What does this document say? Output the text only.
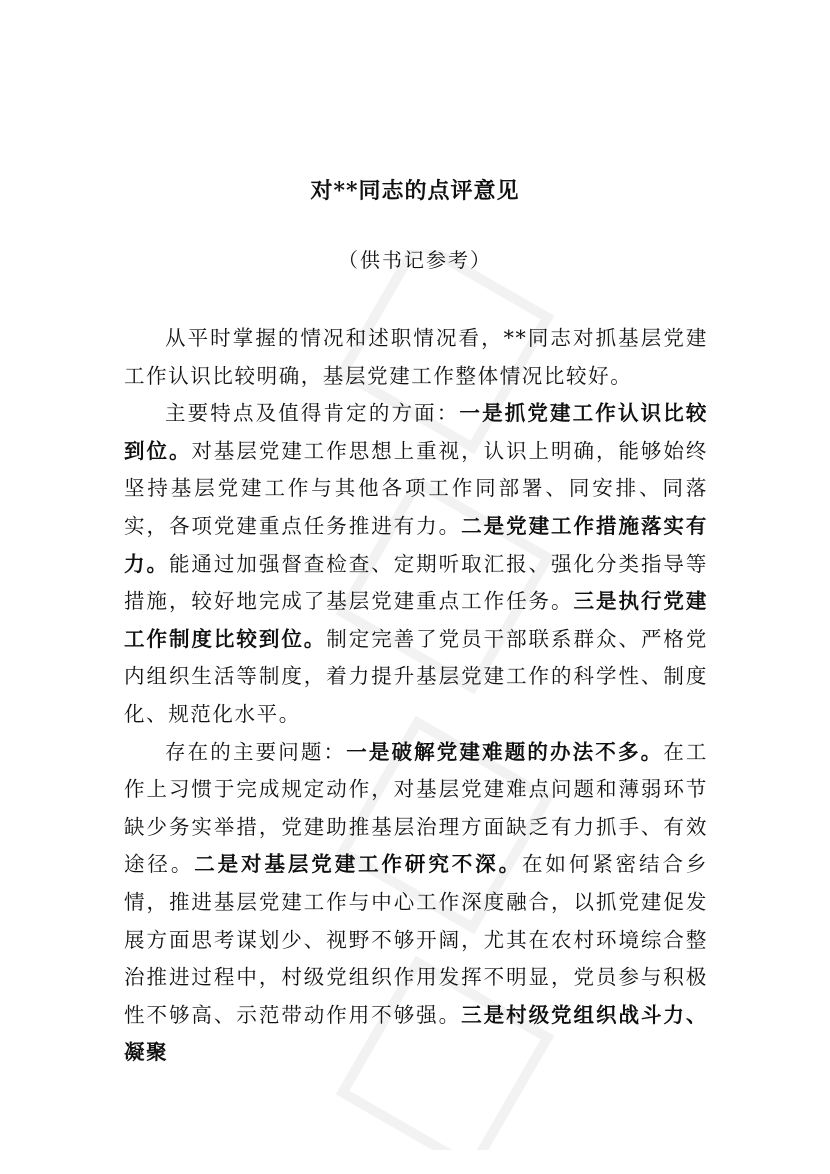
对**同志的点评意见
（供书记参考）

从平时掌握的情况和述职情况看，**同志对抓基层党建工作认识比较明确，基层党建工作整体情况比较好。

主要特点及值得肯定的方面：一是抓党建工作认识比较到位。对基层党建工作思想上重视，认识上明确，能够始终坚持基层党建工作与其他各项工作同部署、同安排、同落实，各项党建重点任务推进有力。二是党建工作措施落实有力。能通过加强督查检查、定期听取汇报、强化分类指导等措施，较好地完成了基层党建重点工作任务。三是执行党建工作制度比较到位。制定完善了党员干部联系群众、严格党内组织生活等制度，着力提升基层党建工作的科学性、制度化、规范化水平。

存在的主要问题：一是破解党建难题的办法不多。在工作上习惯于完成规定动作，对基层党建难点问题和薄弱环节缺少务实举措，党建助推基层治理方面缺乏有力抓手、有效途径。二是对基层党建工作研究不深。在如何紧密结合乡情，推进基层党建工作与中心工作深度融合，以抓党建促发展方面思考谋划少、视野不够开阔，尤其在农村环境综合整治推进过程中，村级党组织作用发挥不明显，党员参与积极性不够高、示范带动作用不够强。三是村级党组织战斗力、凝聚
